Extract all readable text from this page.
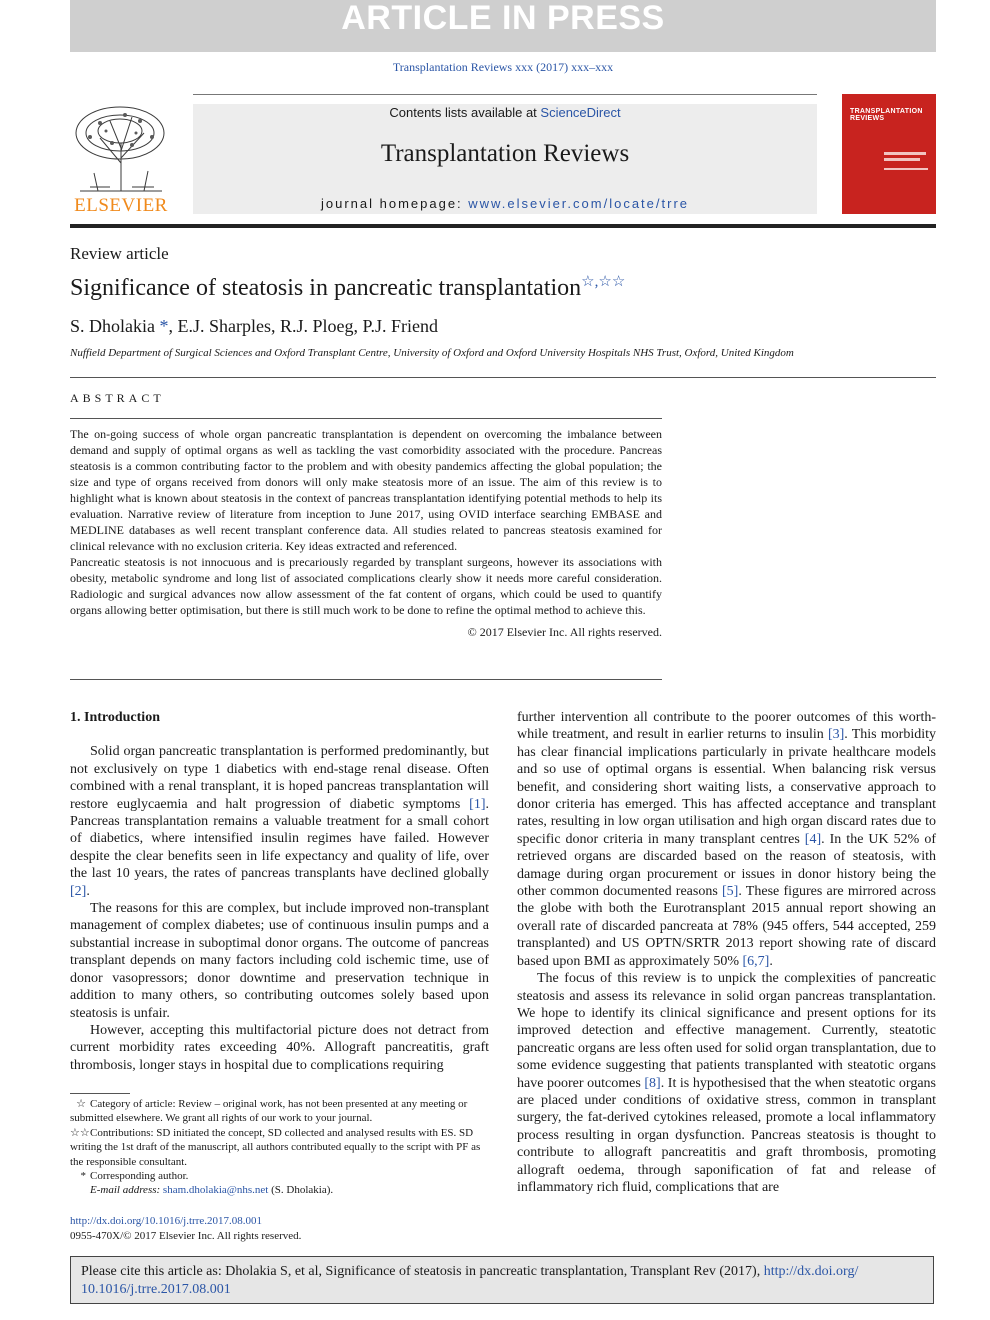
ARTICLE IN PRESS
Transplantation Reviews xxx (2017) xxx–xxx
ELSEVIER
Contents lists available at ScienceDirect
Transplantation Reviews
journal homepage: www.elsevier.com/locate/trre
TRANSPLANTATION REVIEWS
Review article
Significance of steatosis in pancreatic transplantation☆,☆☆
S. Dholakia *, E.J. Sharples, R.J. Ploeg, P.J. Friend
Nuffield Department of Surgical Sciences and Oxford Transplant Centre, University of Oxford and Oxford University Hospitals NHS Trust, Oxford, United Kingdom
ABSTRACT

The on-going success of whole organ pancreatic transplantation is dependent on overcoming the imbalance between demand and supply of optimal organs as well as tackling the vast comorbidity associated with the procedure. Pancreas steatosis is a common contributing factor to the problem and with obesity pandemics affecting the global population; the size and type of organs received from donors will only make steatosis more of an issue. The aim of this review is to highlight what is known about steatosis in the context of pancreas transplantation identifying potential methods to help its evaluation. Narrative review of literature from inception to June 2017, using OVID interface searching EMBASE and MEDLINE databases as well recent transplant conference data. All studies related to pancreas steatosis examined for clinical relevance with no exclusion criteria. Key ideas extracted and referenced.

Pancreatic steatosis is not innocuous and is precariously regarded by transplant surgeons, however its associations with obesity, metabolic syndrome and long list of associated complications clearly show it needs more careful consideration. Radiologic and surgical advances now allow assessment of the fat content of organs, which could be used to quantify organs allowing better optimisation, but there is still much work to be done to refine the optimal method to achieve this.

© 2017 Elsevier Inc. All rights reserved.

1. Introduction

Solid organ pancreatic transplantation is performed predominantly, but not exclusively on type 1 diabetics with end-stage renal disease. Often combined with a renal transplant, it is hoped pancreas transplantation will restore euglycaemia and halt progression of diabetic symptoms [1]. Pancreas transplantation remains a valuable treatment for a small cohort of diabetics, where intensified insulin regimes have failed. However despite the clear benefits seen in life expectancy and quality of life, over the last 10 years, the rates of pancreas transplants have declined globally [2].

The reasons for this are complex, but include improved non-transplant management of complex diabetes; use of continuous insulin pumps and a substantial increase in suboptimal donor organs. The outcome of pancreas transplant depends on many factors including cold ischemic time, use of donor vasopressors; donor downtime and preservation technique in addition to many others, so contributing outcomes solely based upon steatosis is unfair.

However, accepting this multifactorial picture does not detract from current morbidity rates exceeding 40%. Allograft pancreatitis, graft thrombosis, longer stays in hospital due to complications requiring

further intervention all contribute to the poorer outcomes of this worth-while treatment, and result in earlier returns to insulin [3]. This morbidity has clear financial implications particularly in private healthcare models and so use of optimal organs is essential. When balancing risk versus benefit, and considering short waiting lists, a conservative approach to donor criteria has emerged. This has affected acceptance and transplant rates, resulting in low organ utilisation and high organ discard rates due to specific donor criteria in many transplant centres [4]. In the UK 52% of retrieved organs are discarded based on the reason of steatosis, with damage during organ procurement or issues in donor history being the other common documented reasons [5]. These figures are mirrored across the globe with both the Eurotransplant 2015 annual report showing an overall rate of discarded pancreata at 78% (945 offers, 544 accepted, 259 transplanted) and US OPTN/SRTR 2013 report showing rate of discard based upon BMI as approximately 50% [6,7].

The focus of this review is to unpick the complexities of pancreatic steatosis and assess its relevance in solid organ pancreas transplantation. We hope to identify its clinical significance and present options for its improved detection and effective management. Currently, steatotic pancreatic organs are less often used for solid organ transplantation, due to some evidence suggesting that patients transplanted with steatotic organs have poorer outcomes [8]. It is hypothesised that the when steatotic organs are placed under conditions of oxidative stress, common in transplant surgery, the fat-derived cytokines released, promote a local inflammatory process resulting in organ dysfunction. Pancreas steatosis is thought to contribute to allograft pancreatitis and graft thrombosis, promoting allograft oedema, through saponification of fat and release of inflammatory rich fluid, complications that are

☆ Category of article: Review – original work, has not been presented at any meeting or submitted elsewhere. We grant all rights of our work to your journal.

☆☆Contributions: SD initiated the concept, SD collected and analysed results with ES. SD writing the 1st draft of the manuscript, all authors contributed equally to the script with PF as the responsible consultant.

* Corresponding author.

E-mail address: sham.dholakia@nhs.net (S. Dholakia).

http://dx.doi.org/10.1016/j.trre.2017.08.001
0955-470X/© 2017 Elsevier Inc. All rights reserved.
Please cite this article as: Dholakia S, et al, Significance of steatosis in pancreatic transplantation, Transplant Rev (2017), http://dx.doi.org/
10.1016/j.trre.2017.08.001
